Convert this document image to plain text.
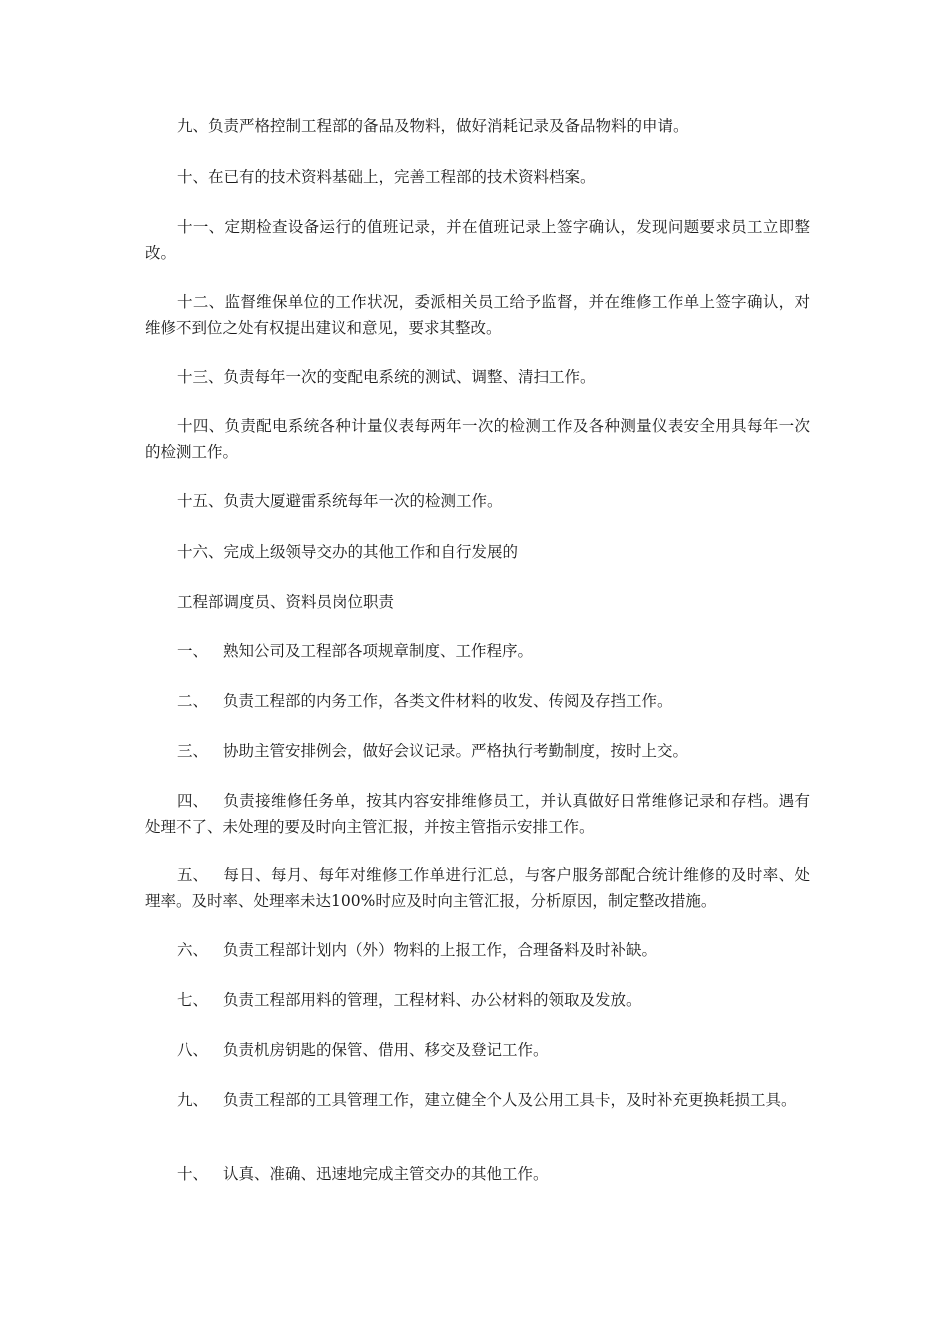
九、负责严格控制工程部的备品及物料，做好消耗记录及备品物料的申请。

十、在已有的技术资料基础上，完善工程部的技术资料档案。

十一、定期检查设备运行的值班记录，并在值班记录上签字确认，发现问题要求员工立即整改。

十二、监督维保单位的工作状况，委派相关员工给予监督，并在维修工作单上签字确认，对维修不到位之处有权提出建议和意见，要求其整改。

十三、负责每年一次的变配电系统的测试、调整、清扫工作。

十四、负责配电系统各种计量仪表每两年一次的检测工作及各种测量仪表安全用具每年一次的检测工作。

十五、负责大厦避雷系统每年一次的检测工作。

十六、完成上级领导交办的其他工作和自行发展的

工程部调度员、资料员岗位职责

一、 熟知公司及工程部各项规章制度、工作程序。

二、 负责工程部的内务工作，各类文件材料的收发、传阅及存挡工作。

三、 协助主管安排例会，做好会议记录。严格执行考勤制度，按时上交。

四、 负责接维修任务单，按其内容安排维修员工，并认真做好日常维修记录和存档。遇有处理不了、未处理的要及时向主管汇报，并按主管指示安排工作。

五、 每日、每月、每年对维修工作单进行汇总，与客户服务部配合统计维修的及时率、处理率。及时率、处理率未达100%时应及时向主管汇报，分析原因，制定整改措施。

六、 负责工程部计划内（外）物料的上报工作，合理备料及时补缺。

七、 负责工程部用料的管理，工程材料、办公材料的领取及发放。

八、 负责机房钥匙的保管、借用、移交及登记工作。

九、 负责工程部的工具管理工作，建立健全个人及公用工具卡，及时补充更换耗损工具。

十、 认真、准确、迅速地完成主管交办的其他工作。
